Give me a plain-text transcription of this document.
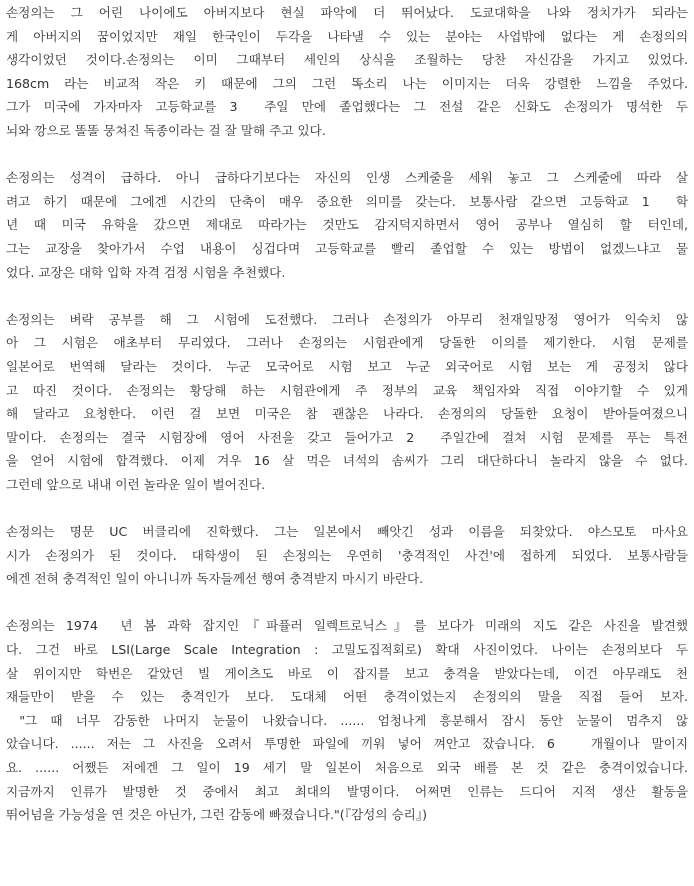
손정의는 그 어린 나이에도 아버지보다 현실 파악에 더 뛰어났다. 도쿄대학을 나와 정치가가 되라는
게 아버지의 꿈이었지만 재일 한국인이 두각을 나타낼 수 있는 분야는 사업밖에 없다는 게 손정의의
생각이었던 것이다.손정의는 이미 그때부터 세인의 상식을 조월하는 당찬 자신감을 가지고 있었다.
168cm 라는 비교적 작은 키 때문에 그의 그런 똑소리 나는 이미지는 더욱 강렬한 느낌을 주었다.
그가 미국에 가자마자 고등학교를 3  주일 만에 졸업했다는 그 전설 같은 신화도 손정의가 명석한 두
뇌와 깡으로 똘똘 뭉쳐진 독종이라는 걸 잘 말해 주고 있다.
손정의는 성격이 급하다. 아니 급하다기보다는 자신의 인생 스케줄을 세워 놓고 그 스케줄에 따라 살
려고 하기 때문에 그에겐 시간의 단축이 매우 중요한 의미를 갖는다. 보통사람 같으면 고등학교 1  학
년 때 미국 유학을 갔으면 제대로 따라가는 것만도 감지덕지하면서 영어 공부나 열심히 할 터인데,
그는 교장을 찾아가서 수업 내용이 싱겁다며 고등학교를 빨리 졸업할 수 있는 방법이 없겠느냐고 물
었다. 교장은 대학 입학 자격 검정 시험을 추천했다.
손정의는 벼락 공부를 해 그 시험에 도전했다. 그러나 손정의가 아무리 천재일망정 영어가 익숙치 않
아 그 시험은 애초부터 무리였다. 그러나 손정의는 시험관에게 당돌한 이의를 제기한다. 시험 문제를
일본어로 번역해 달라는 것이다. 누군 모국어로 시험 보고 누군 외국어로 시험 보는 게 공정치 않다
고 따진 것이다. 손정의는 황당해 하는 시험관에게 주 정부의 교육 책임자와 직접 이야기할 수 있게
해 달라고 요청한다. 이런 걸 보면 미국은 참 괜찮은 나라다. 손정의의 당돌한 요청이 받아들여졌으니
말이다. 손정의는 결국 시험장에 영어 사전을 갖고 들어가고 2  주일간에 걸쳐 시험 문제를 푸는 특전
을 얻어 시험에 합격했다. 이제 겨우 16 살 먹은 녀석의 솜씨가 그리 대단하다니 놀라지 않을 수 없다.
그런데 앞으로 내내 이런 놀라운 일이 벌어진다.
손정의는 명문 UC 버클리에 진학했다. 그는 일본에서 빼앗긴 성과 이름을 되찾았다. 야스모토 마사요
시가 손정의가 된 것이다. 대학생이 된 손정의는 우연히 '충격적인 사건'에 접하게 되었다. 보통사람들
에겐 전혀 충격적인 일이 아니니까 독자들께선 행여 충격받지 마시기 바란다.
손정의는 1974  년 봄 과학 잡지인『파퓰러 일렉트로닉스』를 보다가 미래의 지도 같은 사진을 발견했
다. 그건 바로 LSI(Large Scale Integration : 고밀도집적회로) 확대 사진이었다. 나이는 손정의보다 두
살 위이지만 학번은 같았던 빌 게이츠도 바로 이 잡지를 보고 충격을 받았다는데, 이건 아무래도 천
재들만이 받을 수 있는 충격인가 보다. 도대체 어떤 충격이었는지 손정의의 말을 직접 들어 보자.
"그 때 너무 감동한 나머지 눈물이 나왔습니다. ...... 엄청나게 흥분해서 잠시 동안 눈물이 멈추지 않
았습니다. ...... 저는 그 사진을 오려서 투명한 파일에 끼워 넣어 껴안고 잤습니다. 6   개월이나 말이지
요. ...... 어쨌든 저에겐 그 일이 19 세기 말 일본이 처음으로 외국 배를 본 것 같은 충격이었습니다.
지금까지 인류가 발명한 것 중에서 최고 최대의 발명이다. 어쩌면 인류는 드디어 지적 생산 활동을
뛰어넘을 가능성을 연 것은 아닌가, 그런 감동에 빠졌습니다."(『감성의 승리』)
